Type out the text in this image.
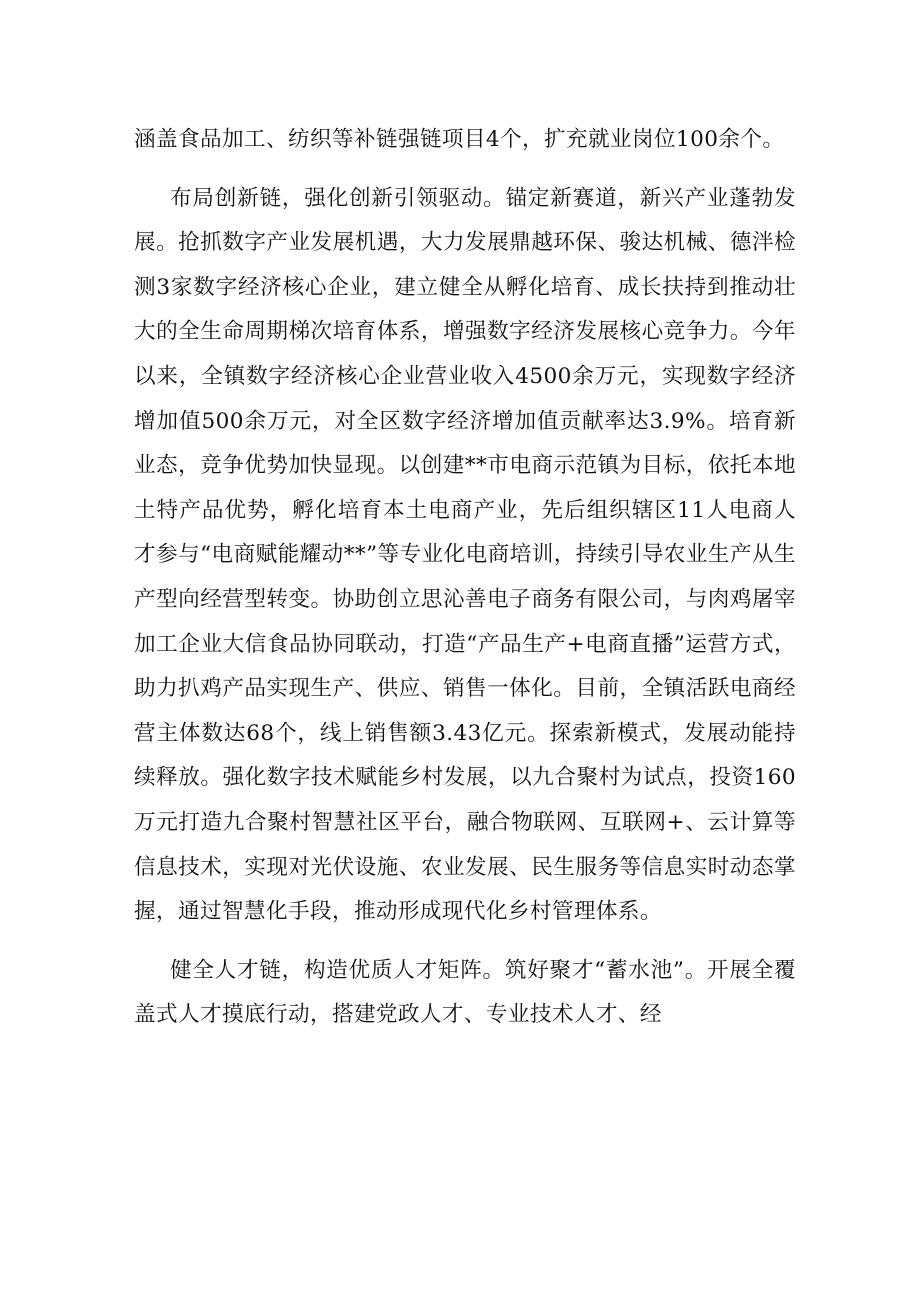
涵盖食品加工、纺织等补链强链项目4个，扩充就业岗位100余个。

布局创新链，强化创新引领驱动。锚定新赛道，新兴产业蓬勃发展。抢抓数字产业发展机遇，大力发展鼎越环保、骏达机械、德泮检测3家数字经济核心企业，建立健全从孵化培育、成长扶持到推动壮大的全生命周期梯次培育体系，增强数字经济发展核心竞争力。今年以来，全镇数字经济核心企业营业收入4500余万元，实现数字经济增加值500余万元，对全区数字经济增加值贡献率达3.9%。培育新业态，竞争优势加快显现。以创建**市电商示范镇为目标，依托本地土特产品优势，孵化培育本土电商产业，先后组织辖区11人电商人才参与“电商赋能耀动**”等专业化电商培训，持续引导农业生产从生产型向经营型转变。协助创立思沁善电子商务有限公司，与肉鸡屠宰加工企业大信食品协同联动，打造“产品生产+电商直播”运营方式，助力扒鸡产品实现生产、供应、销售一体化。目前，全镇活跃电商经营主体数达68个，线上销售额3.43亿元。探索新模式，发展动能持续释放。强化数字技术赋能乡村发展，以九合聚村为试点，投资160万元打造九合聚村智慧社区平台，融合物联网、互联网+、云计算等信息技术，实现对光伏设施、农业发展、民生服务等信息实时动态掌握，通过智慧化手段，推动形成现代化乡村管理体系。

健全人才链，构造优质人才矩阵。筑好聚才“蓄水池”。开展全覆盖式人才摸底行动，搭建党政人才、专业技术人才、经
